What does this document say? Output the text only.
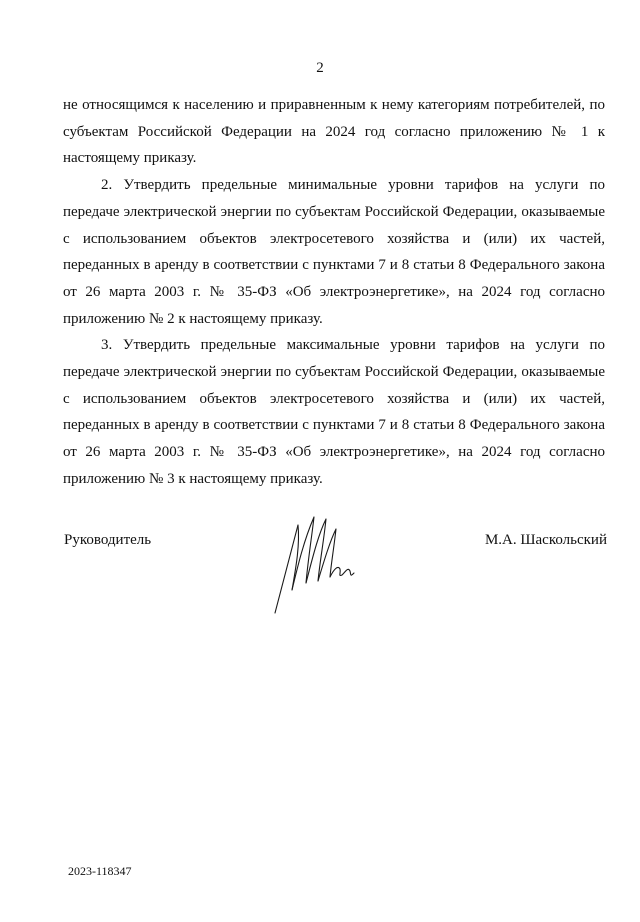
2

не относящимся к населению и приравненным к нему категориям потребителей, по субъектам Российской Федерации на 2024 год согласно приложению № 1 к настоящему приказу.

2. Утвердить предельные минимальные уровни тарифов на услуги по передаче электрической энергии по субъектам Российской Федерации, оказываемые с использованием объектов электросетевого хозяйства и (или) их частей, переданных в аренду в соответствии с пунктами 7 и 8 статьи 8 Федерального закона от 26 марта 2003 г. № 35-ФЗ «Об электроэнергетике», на 2024 год согласно приложению № 2 к настоящему приказу.

3. Утвердить предельные максимальные уровни тарифов на услуги по передаче электрической энергии по субъектам Российской Федерации, оказываемые с использованием объектов электросетевого хозяйства и (или) их частей, переданных в аренду в соответствии с пунктами 7 и 8 статьи 8 Федерального закона от 26 марта 2003 г. № 35-ФЗ «Об электроэнергетике», на 2024 год согласно приложению № 3 к настоящему приказу.

Руководитель	М.А. Шаскольский
2023-118347
